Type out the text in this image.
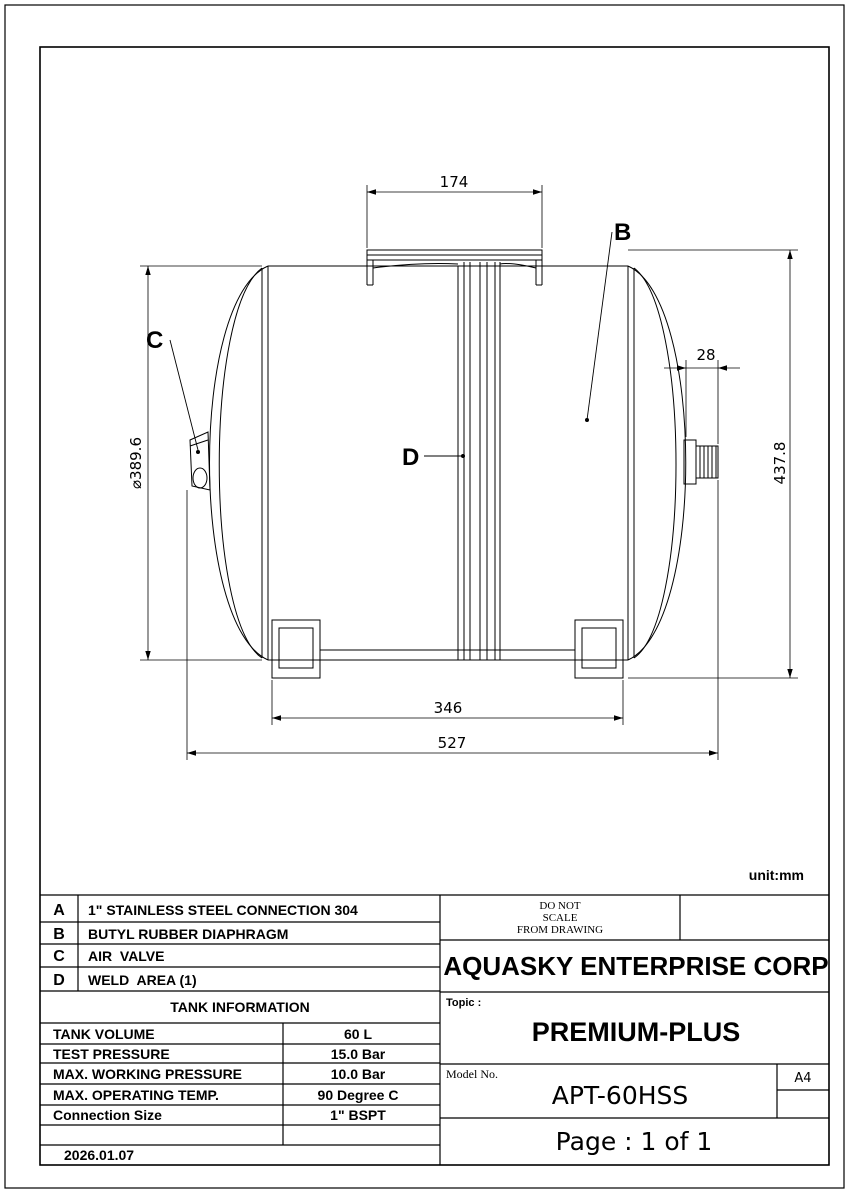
174
28
⌀389.6	437.8
346
527
B
C
D
unit:mm
A 1" STAINLESS STEEL CONNECTION 304
B BUTYL RUBBER DIAPHRAGM
C AIR  VALVE
D WELD  AREA (1)
TANK INFORMATION
TANK VOLUME	60 L
TEST PRESSURE	15.0 Bar
MAX. WORKING PRESSURE	10.0 Bar
MAX. OPERATING TEMP.	90 Degree C
Connection Size	1" BSPT
2026.01.07
DO NOT
SCALE
FROM DRAWING
AQUASKY ENTERPRISE CORP
Topic :
PREMIUM-PLUS
Model No.
APT-60HSS
A4
Page : 1 of 1
